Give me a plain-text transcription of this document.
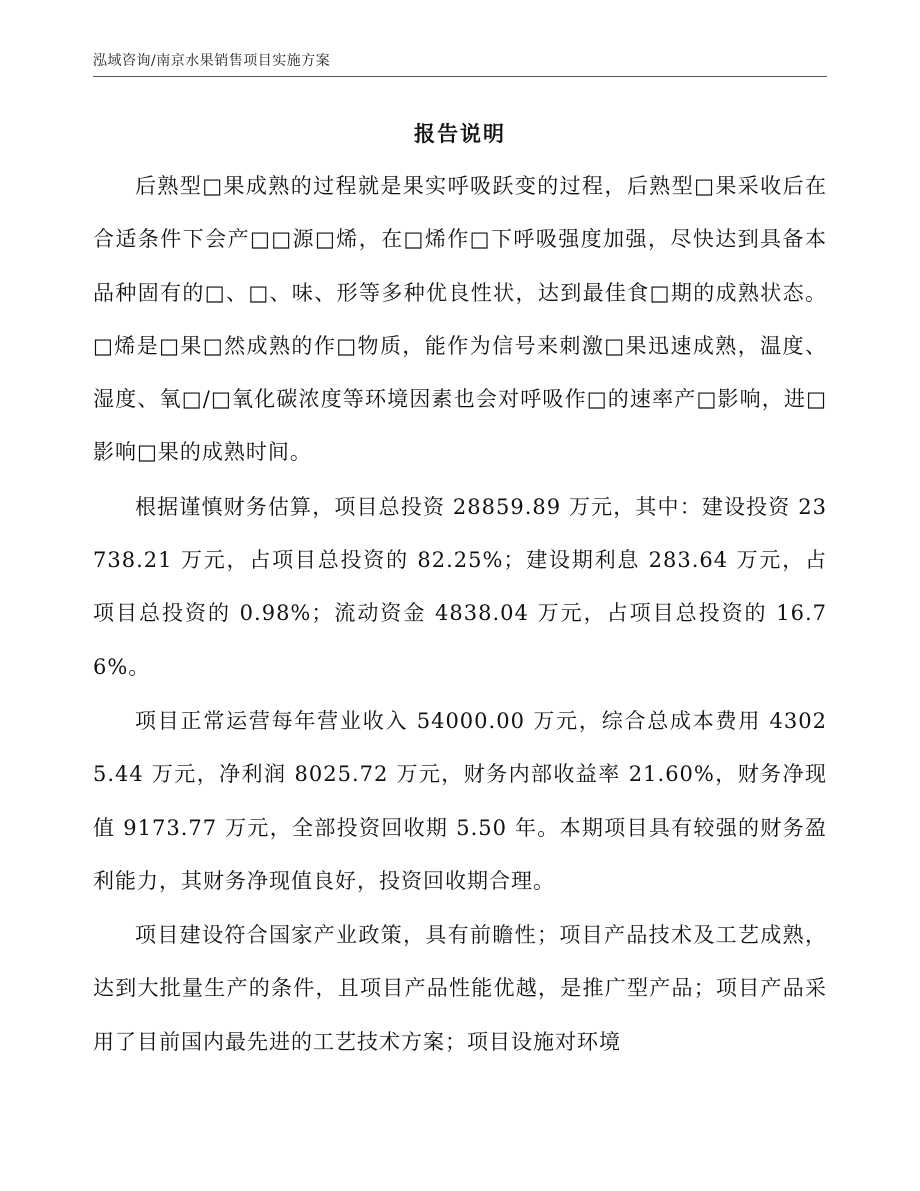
泓域咨询/南京水果销售项目实施方案
报告说明

后熟型□果成熟的过程就是果实呼吸跃变的过程，后熟型□果采收后在合适条件下会产□□源□烯，在□烯作□下呼吸强度加强，尽快达到具备本品种固有的□、□、味、形等多种优良性状，达到最佳食□期的成熟状态。□烯是□果□然成熟的作□物质，能作为信号来刺激□果迅速成熟，温度、湿度、氧□/□氧化碳浓度等环境因素也会对呼吸作□的速率产□影响，进□影响□果的成熟时间。

根据谨慎财务估算，项目总投资 28859.89 万元，其中：建设投资 23738.21 万元，占项目总投资的 82.25%；建设期利息 283.64 万元，占项目总投资的 0.98%；流动资金 4838.04 万元，占项目总投资的 16.76%。

项目正常运营每年营业收入 54000.00 万元，综合总成本费用 43025.44 万元，净利润 8025.72 万元，财务内部收益率 21.60%，财务净现值 9173.77 万元，全部投资回收期 5.50 年。本期项目具有较强的财务盈利能力，其财务净现值良好，投资回收期合理。

项目建设符合国家产业政策，具有前瞻性；项目产品技术及工艺成熟，达到大批量生产的条件，且项目产品性能优越，是推广型产品；项目产品采用了目前国内最先进的工艺技术方案；项目设施对环境
